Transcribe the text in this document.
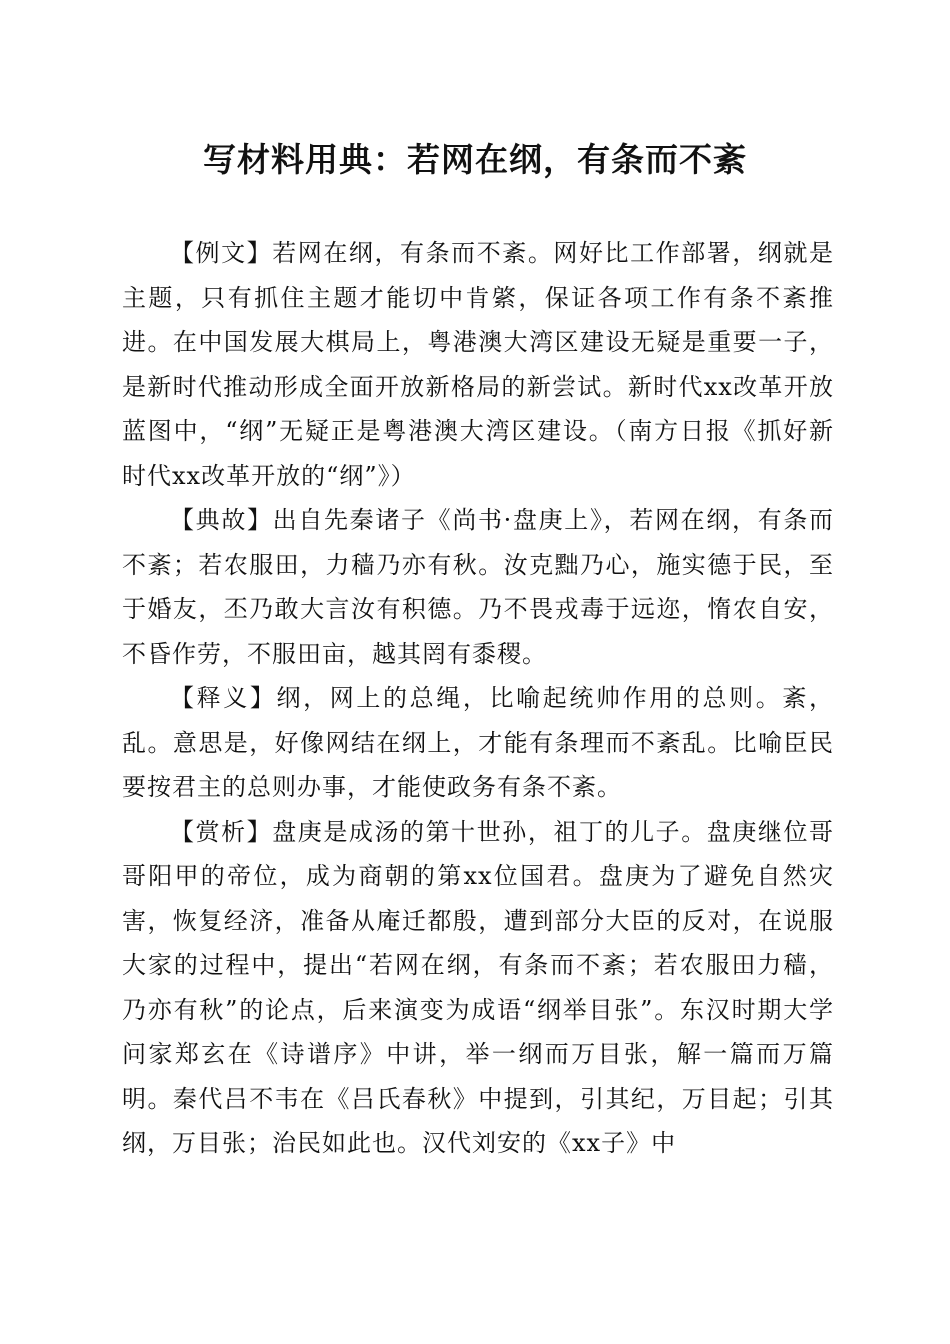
写材料用典：若网在纲，有条而不紊

【例文】若网在纲，有条而不紊。网好比工作部署，纲就是主题，只有抓住主题才能切中肯綮，保证各项工作有条不紊推进。在中国发展大棋局上，粤港澳大湾区建设无疑是重要一子，是新时代推动形成全面开放新格局的新尝试。新时代xx改革开放蓝图中，“纲”无疑正是粤港澳大湾区建设。（南方日报《抓好新时代xx改革开放的“纲”》）

【典故】出自先秦诸子《尚书·盘庚上》，若网在纲，有条而不紊；若农服田，力穑乃亦有秋。汝克黜乃心，施实德于民，至于婚友，丕乃敢大言汝有积德。乃不畏戎毒于远迩，惰农自安，不昏作劳，不服田亩，越其罔有黍稷。

【释义】纲，网上的总绳，比喻起统帅作用的总则。紊，乱。意思是，好像网结在纲上，才能有条理而不紊乱。比喻臣民要按君主的总则办事，才能使政务有条不紊。

【赏析】盘庚是成汤的第十世孙，祖丁的儿子。盘庚继位哥哥阳甲的帝位，成为商朝的第xx位国君。盘庚为了避免自然灾害，恢复经济，准备从庵迁都殷，遭到部分大臣的反对，在说服大家的过程中，提出“若网在纲，有条而不紊；若农服田力穑，乃亦有秋”的论点，后来演变为成语“纲举目张”。东汉时期大学问家郑玄在《诗谱序》中讲，举一纲而万目张，解一篇而万篇明。秦代吕不韦在《吕氏春秋》中提到，引其纪，万目起；引其纲，万目张；治民如此也。汉代刘安的《xx子》中
